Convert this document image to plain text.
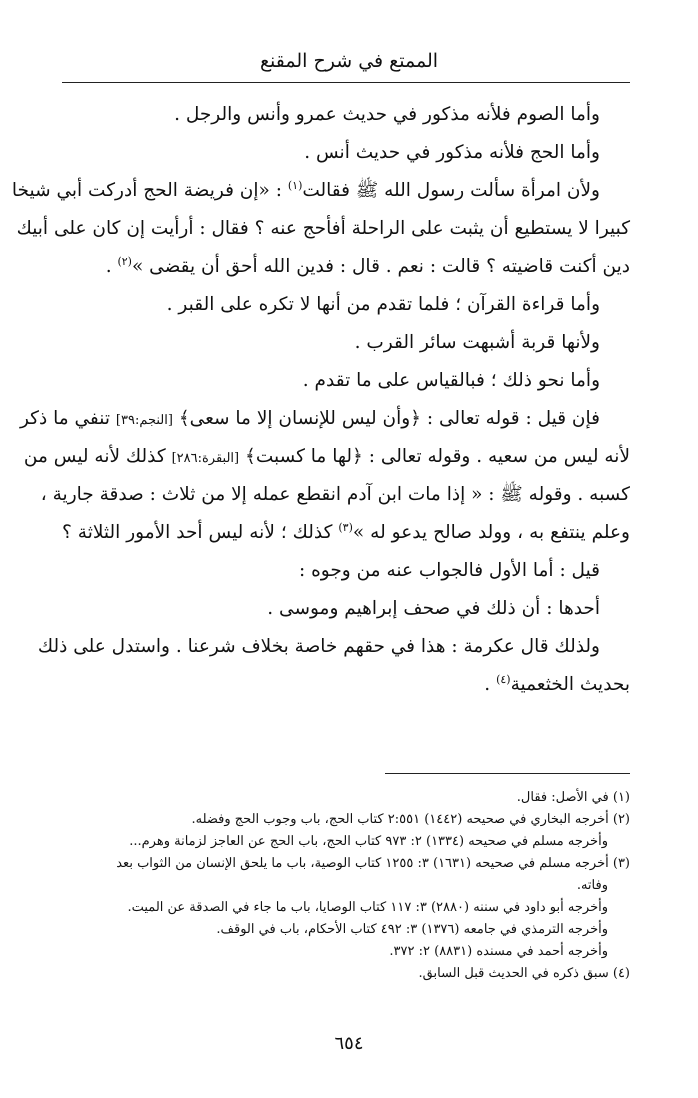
الممتع في شرح المقنع
وأما الصوم فلأنه مذكور في حديث عمرو وأنس والرجل .
وأما الحج فلأنه مذكور في حديث أنس .
ولأن امرأة سألت رسول الله ﷺ فقالت$^{(١)}$ : «إن فريضة الحج أدركت أبي شيخا
كبيرا لا يستطيع أن يثبت على الراحلة أفأحج عنه ؟ فقال : أرأيت إن كان على أبيك
دين أكنت قاضيته ؟ قالت : نعم . قال : فدين الله أحق أن يقضى »$^{(٢)}$ .
وأما قراءة القرآن ؛ فلما تقدم من أنها لا تكره على القبر .
ولأنها قربة أشبهت سائر القرب .
وأما نحو ذلك ؛ فبالقياس على ما تقدم .
فإن قيل : قوله تعالى : ﴿وأن ليس للإنسان إلا ما سعى﴾ [النجم:٣٩] تنفي ما ذكر
لأنه ليس من سعيه . وقوله تعالى : ﴿لها ما كسبت﴾ [البقرة:٢٨٦] كذلك لأنه ليس من
كسبه . وقوله ﷺ : « إذا مات ابن آدم انقطع عمله إلا من ثلاث : صدقة جارية ،
وعلم ينتفع به ، وولد صالح يدعو له »$^{(٣)}$ كذلك ؛ لأنه ليس أحد الأمور الثلاثة ؟
قيل : أما الأول فالجواب عنه من وجوه :
أحدها : أن ذلك في صحف إبراهيم وموسى .
ولذلك قال عكرمة : هذا في حقهم خاصة بخلاف شرعنا . واستدل على ذلك
بحديث الخثعمية$^{(٤)}$ .
(١) في الأصل: فقال.
(٢) أخرجه البخاري في صحيحه (١٤٤٢) ٢:٥٥١ كتاب الحج، باب وجوب الحج وفضله.
وأخرجه مسلم في صحيحه (١٣٣٤) ٢: ٩٧٣ كتاب الحج، باب الحج عن العاجز لزمانة وهرم...
(٣) أخرجه مسلم في صحيحه (١٦٣١) ٣: ١٢٥٥ كتاب الوصية، باب ما يلحق الإنسان من الثواب بعد
وفاته.
وأخرجه أبو داود في سننه (٢٨٨٠) ٣: ١١٧ كتاب الوصايا، باب ما جاء في الصدقة عن الميت.
وأخرجه الترمذي في جامعه (١٣٧٦) ٣: ٤٩٢ كتاب الأحكام، باب في الوقف.
وأخرجه أحمد في مسنده (٨٨٣١) ٢: ٣٧٢.
(٤) سبق ذكره في الحديث قبل السابق.
٦٥٤
